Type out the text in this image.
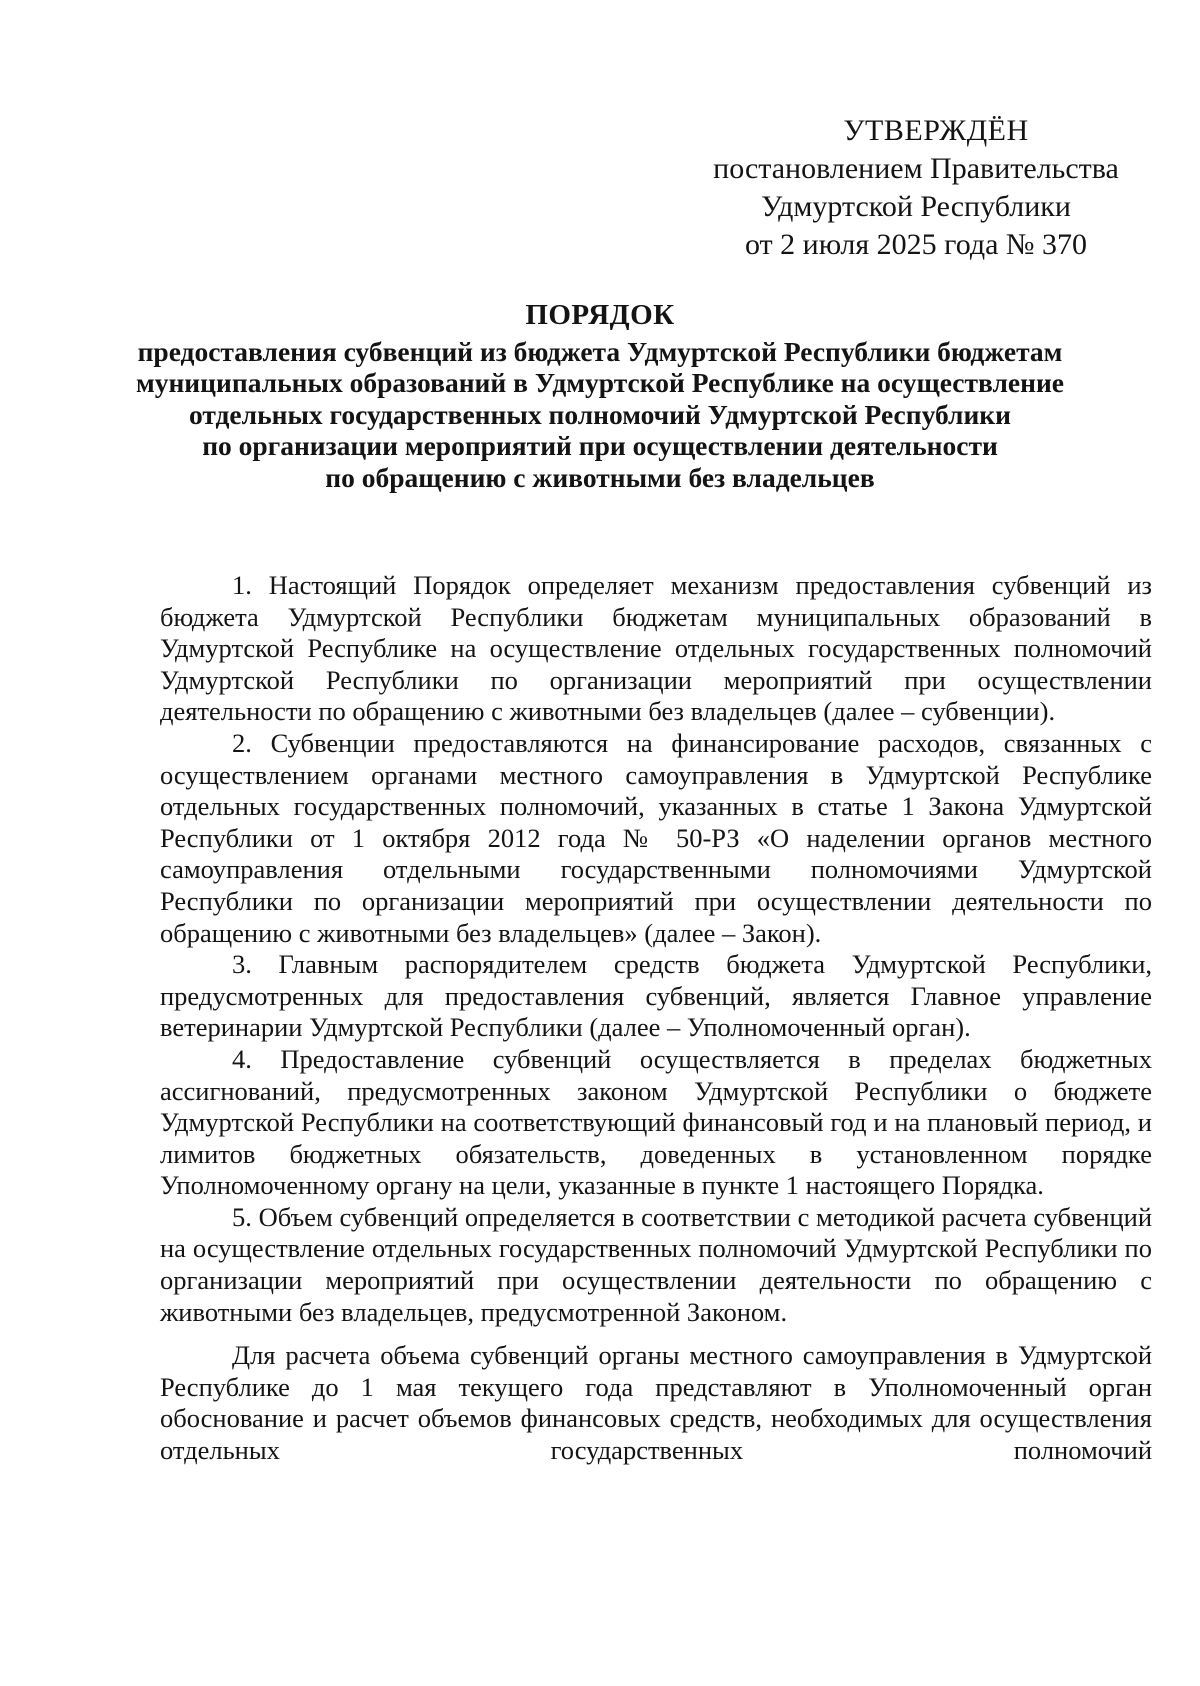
УТВЕРЖДЁН
постановлением Правительства
Удмуртской Республики
от 2 июля 2025 года № 370
ПОРЯДОК
предоставления субвенций из бюджета Удмуртской Республики бюджетам
муниципальных образований в Удмуртской Республике на осуществление
отдельных государственных полномочий Удмуртской Республики
по организации мероприятий при осуществлении деятельности
по обращению с животными без владельцев

1. Настоящий Порядок определяет механизм предоставления субвенций из бюджета Удмуртской Республики бюджетам муниципальных образований в Удмуртской Республике на осуществление отдельных государственных полномочий Удмуртской Республики по организации мероприятий при осуществлении деятельности по обращению с животными без владельцев (далее – субвенции).

2. Субвенции предоставляются на финансирование расходов, связанных с осуществлением органами местного самоуправления в Удмуртской Республике отдельных государственных полномочий, указанных в статье 1 Закона Удмуртской Республики от 1 октября 2012 года № 50-РЗ «О наделении органов местного самоуправления отдельными государственными полномочиями Удмуртской Республики по организации мероприятий при осуществлении деятельности по обращению с животными без владельцев» (далее – Закон).

3. Главным распорядителем средств бюджета Удмуртской Республики, предусмотренных для предоставления субвенций, является Главное управление ветеринарии Удмуртской Республики (далее – Уполномоченный орган).

4. Предоставление субвенций осуществляется в пределах бюджетных ассигнований, предусмотренных законом Удмуртской Республики о бюджете Удмуртской Республики на соответствующий финансовый год и на плановый период, и лимитов бюджетных обязательств, доведенных в установленном порядке Уполномоченному органу на цели, указанные в пункте 1 настоящего Порядка.

5. Объем субвенций определяется в соответствии с методикой расчета субвенций на осуществление отдельных государственных полномочий Удмуртской Республики по организации мероприятий при осуществлении деятельности по обращению с животными без владельцев, предусмотренной Законом.

Для расчета объема субвенций органы местного самоуправления в Удмуртской Республике до 1 мая текущего года представляют в Уполномоченный орган обоснование и расчет объемов финансовых средств, необходимых для осуществления отдельных государственных полномочий
